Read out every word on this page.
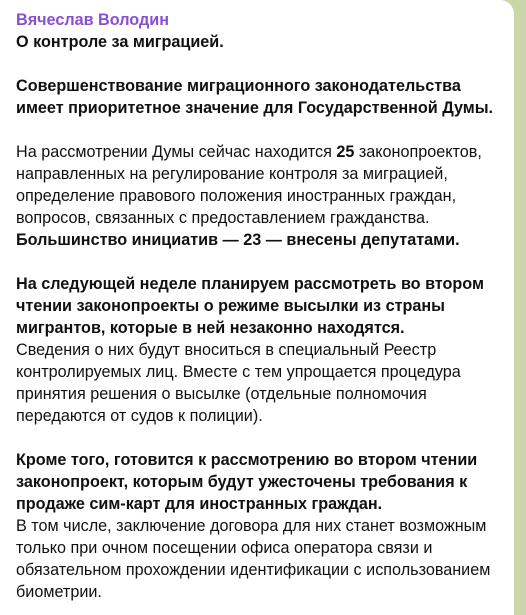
Вячеслав Володин

О контроле за миграцией.

Совершенствование миграционного законодательства имеет приоритетное значение для Государственной Думы.

На рассмотрении Думы сейчас находится 25 законопроектов, направленных на регулирование контроля за миграцией, определение правового положения иностранных граждан, вопросов, связанных с предоставлением гражданства. Большинство инициатив — 23 — внесены депутатами.

На следующей неделе планируем рассмотреть во втором чтении законопроекты о режиме высылки из страны мигрантов, которые в ней незаконно находятся.

Сведения о них будут вноситься в специальный Реестр контролируемых лиц. Вместе с тем упрощается процедура принятия решения о высылке (отдельные полномочия передаются от судов к полиции).

Кроме того, готовится к рассмотрению во втором чтении законопроект, которым будут ужесточены требования к продаже сим-карт для иностранных граждан.

В том числе, заключение договора для них станет возможным только при очном посещении офиса оператора связи и обязательном прохождении идентификации с использованием биометрии.
